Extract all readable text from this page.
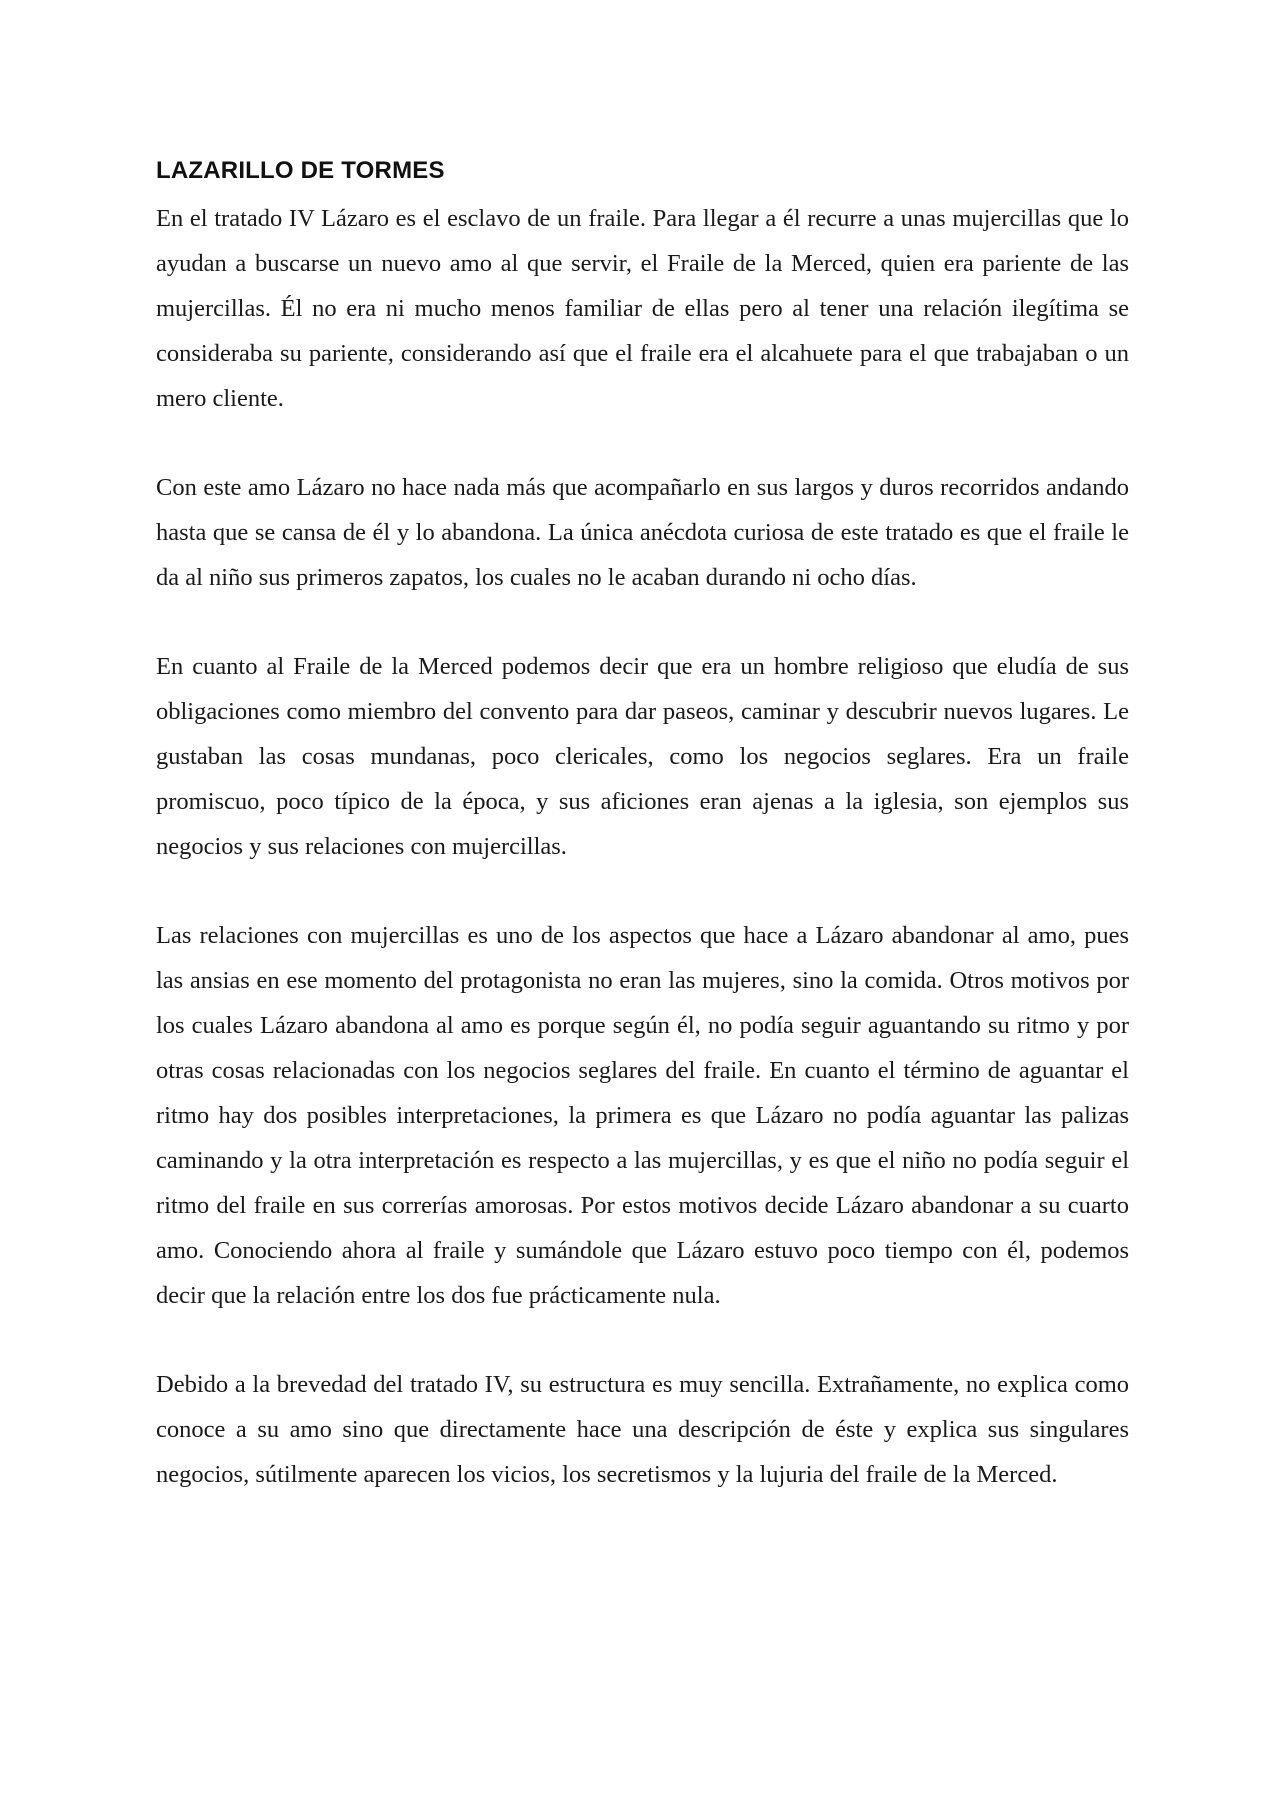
LAZARILLO DE TORMES

En el tratado IV Lázaro es el esclavo de un fraile. Para llegar a él recurre a unas mujercillas que lo ayudan a buscarse un nuevo amo al que servir, el Fraile de la Merced, quien era pariente de las mujercillas. Él no era ni mucho menos familiar de ellas pero al tener una relación ilegítima se consideraba su pariente, considerando así que el fraile era el alcahuete para el que trabajaban o un mero cliente.

Con este amo Lázaro no hace nada más que acompañarlo en sus largos y duros recorridos andando hasta que se cansa de él y lo abandona. La única anécdota curiosa de este tratado es que el fraile le da al niño sus primeros zapatos, los cuales no le acaban durando ni ocho días.

En cuanto al Fraile de la Merced podemos decir que era un hombre religioso que eludía de sus obligaciones como miembro del convento para dar paseos, caminar y descubrir nuevos lugares. Le gustaban las cosas mundanas, poco clericales, como los negocios seglares. Era un fraile promiscuo, poco típico de la época, y sus aficiones eran ajenas a la iglesia, son ejemplos sus negocios y sus relaciones con mujercillas.

Las relaciones con mujercillas es uno de los aspectos que hace a Lázaro abandonar al amo, pues las ansias en ese momento del protagonista no eran las mujeres, sino la comida. Otros motivos por los cuales Lázaro abandona al amo es porque según él, no podía seguir aguantando su ritmo y por otras cosas relacionadas con los negocios seglares del fraile. En cuanto el término de aguantar el ritmo hay dos posibles interpretaciones, la primera es que Lázaro no podía aguantar las palizas caminando y la otra interpretación es respecto a las mujercillas, y es que el niño no podía seguir el ritmo del fraile en sus correrías amorosas. Por estos motivos decide Lázaro abandonar a su cuarto amo. Conociendo ahora al fraile y sumándole que Lázaro estuvo poco tiempo con él, podemos decir que la relación entre los dos fue prácticamente nula.

Debido a la brevedad del tratado IV, su estructura es muy sencilla. Extrañamente, no explica como conoce a su amo sino que directamente hace una descripción de éste y explica sus singulares negocios, sútilmente aparecen los vicios, los secretismos y la lujuria del fraile de la Merced.
